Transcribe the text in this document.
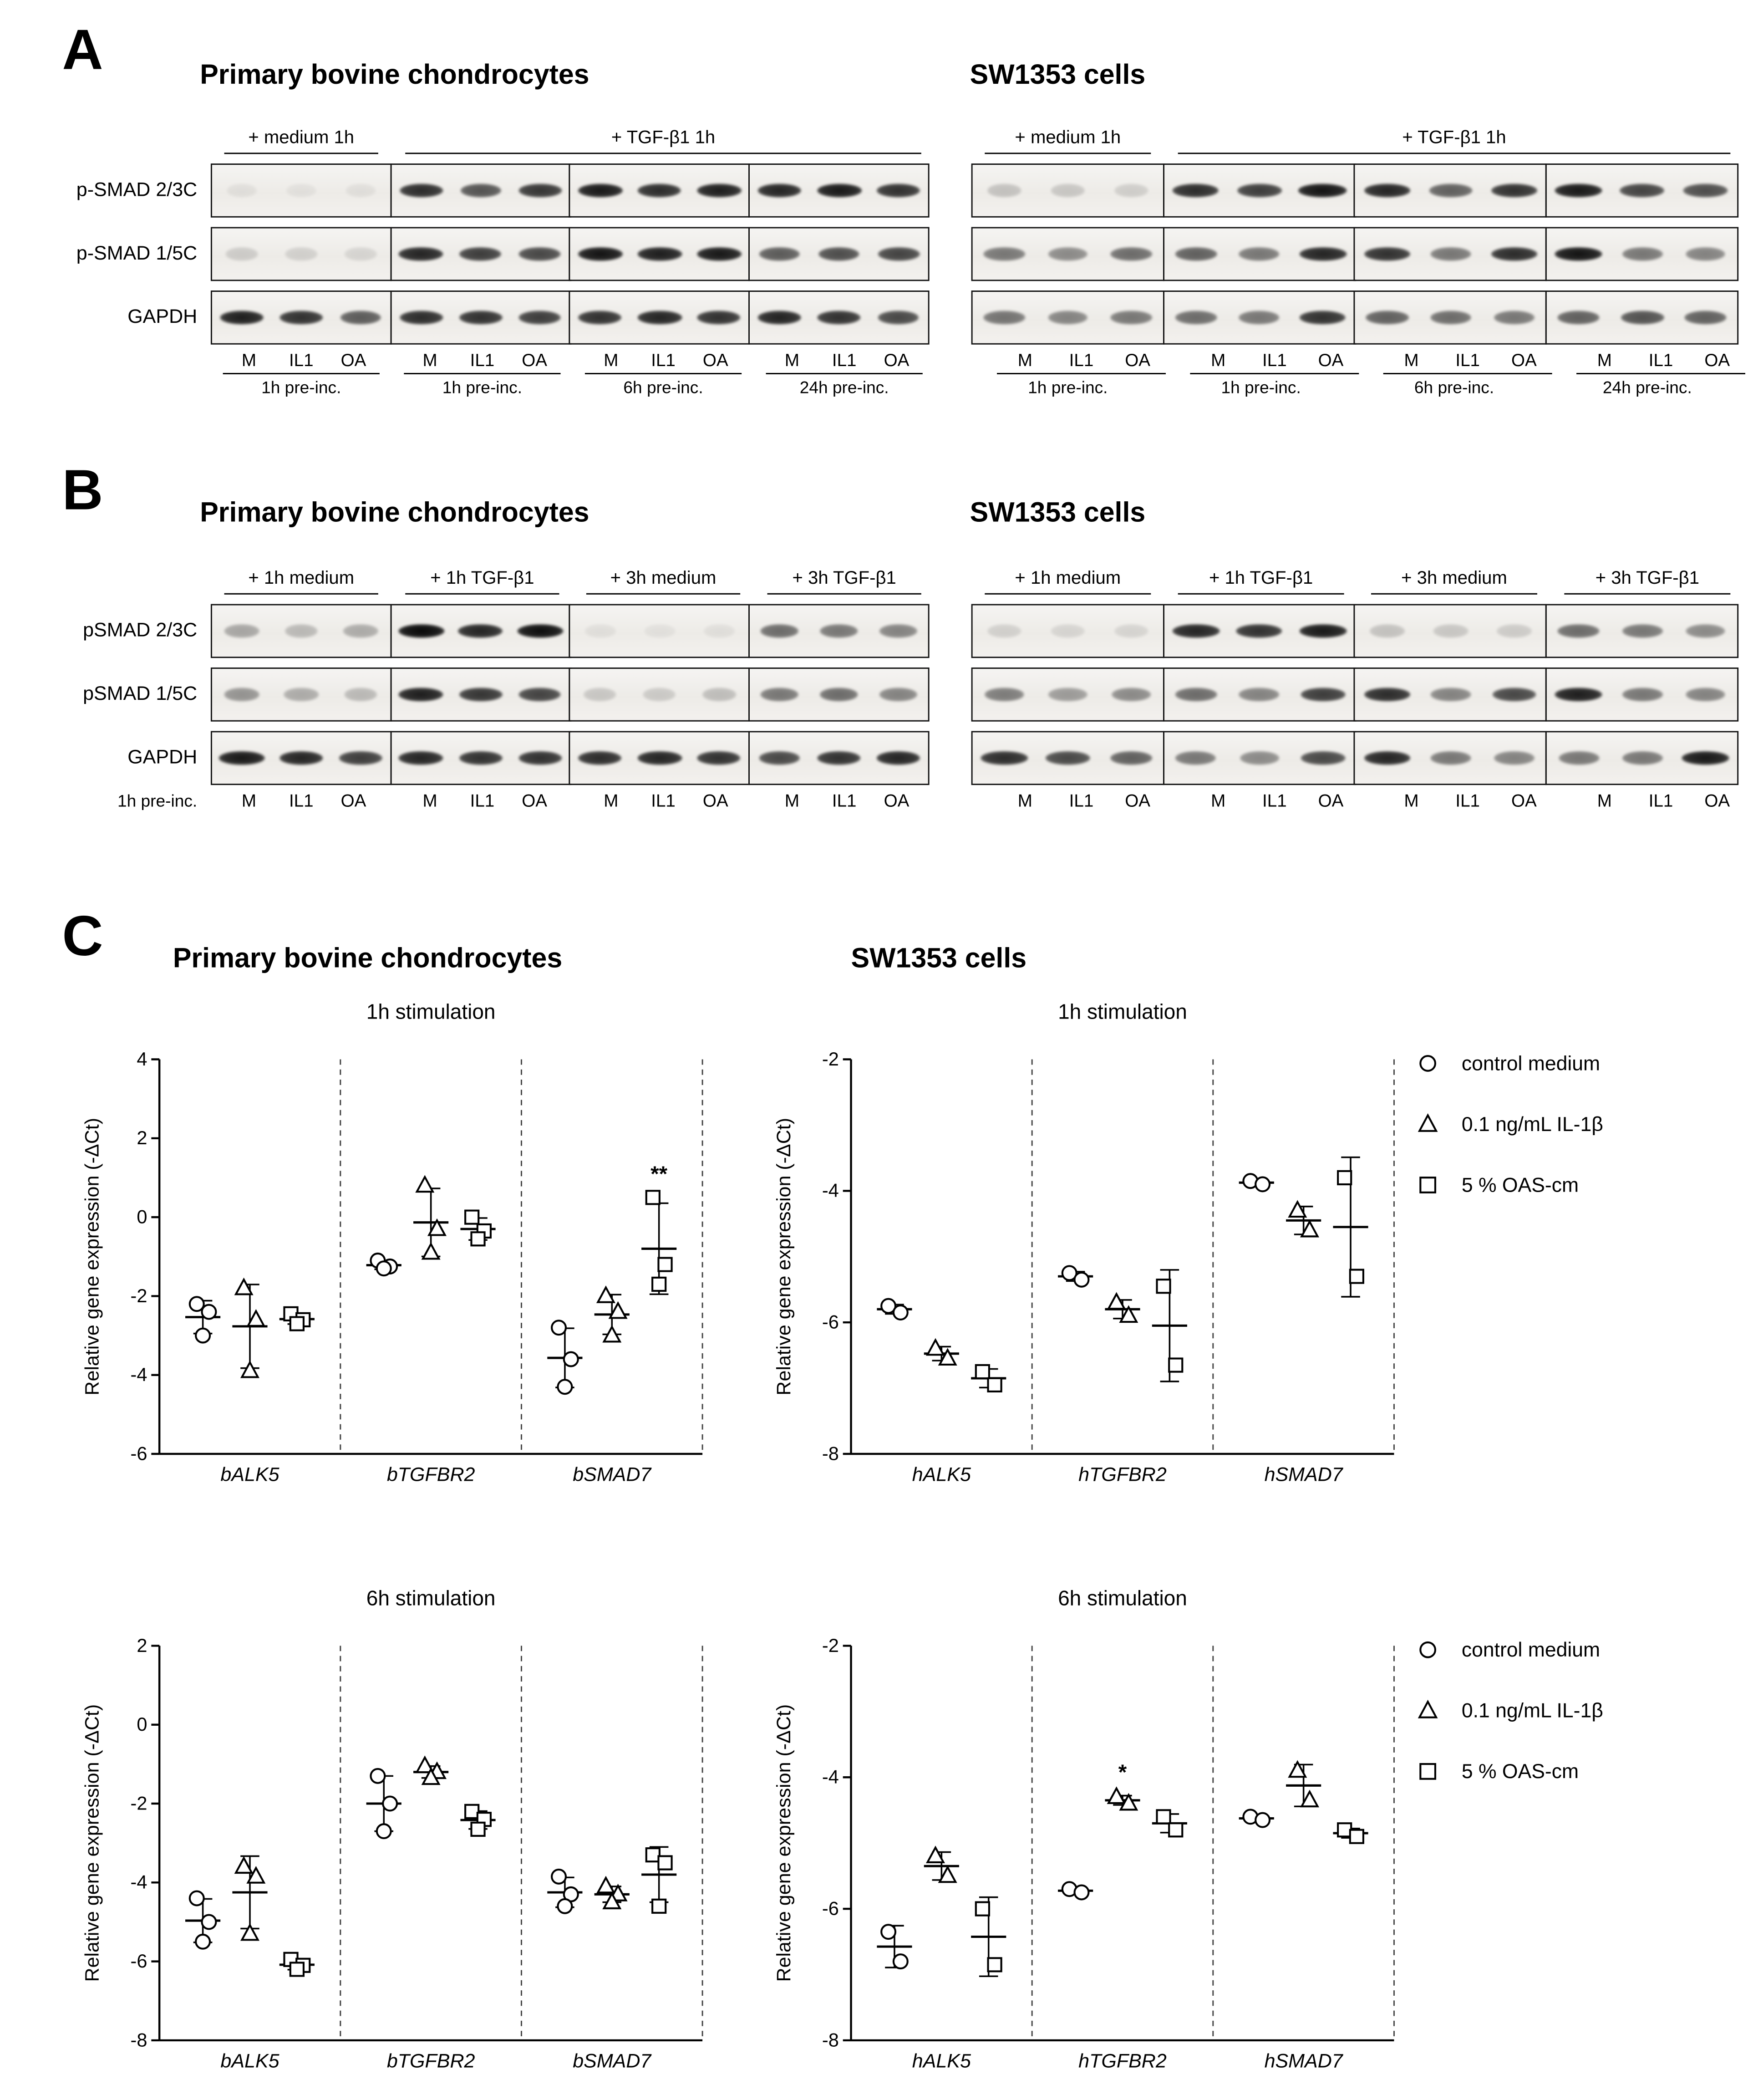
A	Primary bovine chondrocytes	SW1353 cells
+ medium 1h	+ TGF-β1 1h
p-SMAD 2/3C
p-SMAD 1/5C
GAPDH
M	IL1	OA	M	IL1	OA	M	IL1	OA	M	IL1	OA
1h pre-inc.	1h pre-inc.	6h pre-inc.	24h pre-inc.
+ medium 1h	+ TGF-β1 1h
M	IL1	OA	M	IL1	OA	M	IL1	OA	M	IL1	OA
1h pre-inc.	1h pre-inc.	6h pre-inc.	24h pre-inc.
B	Primary bovine chondrocytes	SW1353 cells
+ 1h medium	+ 1h TGF-β1	+ 3h medium	+ 3h TGF-β1
pSMAD 2/3C
pSMAD 1/5C
GAPDH
1h pre-inc.	M	IL1	OA	M	IL1	OA	M	IL1	OA	M	IL1	OA
+ 1h medium	+ 1h TGF-β1	+ 3h medium	+ 3h TGF-β1
M	IL1	OA	M	IL1	OA	M	IL1	OA	M	IL1	OA
C	Primary bovine chondrocytes	SW1353 cells
1h stimulation
Relative gene expression (-ΔCt)
4
2
0
-2
-4
-6
bALK5	bTGFBR2	bSMAD7
**
1h stimulation
Relative gene expression (-ΔCt)
-2
-4
-6
-8
hALK5	hTGFBR2	hSMAD7
6h stimulation
Relative gene expression (-ΔCt)
2
0
-2
-4
-6
-8
bALK5	bTGFBR2	bSMAD7
6h stimulation
Relative gene expression (-ΔCt)
-2
-4
-6
-8
hALK5	hTGFBR2	hSMAD7
*
control medium
0.1 ng/mL IL-1β
5 % OAS-cm
control medium
0.1 ng/mL IL-1β
5 % OAS-cm
